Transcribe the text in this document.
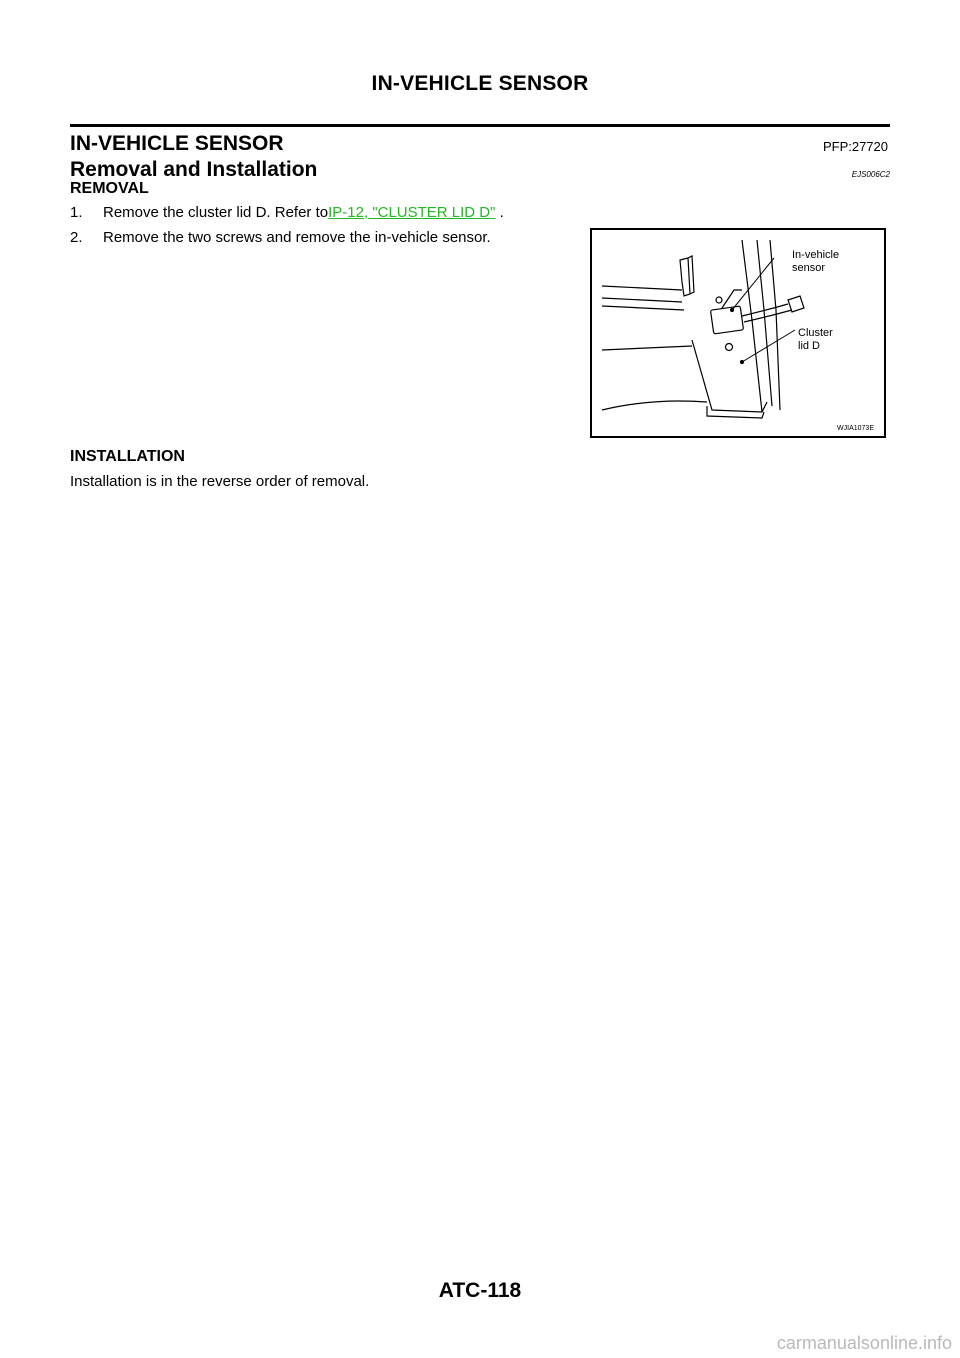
IN-VEHICLE SENSOR
IN-VEHICLE SENSOR	PFP:27720
Removal and Installation	EJS006C2
REMOVAL
1. Remove the cluster lid D. Refer toIP-12, "CLUSTER LID D" .
2. Remove the two screws and remove the in-vehicle sensor.
In-vehicle
sensor
Cluster
lid D
WJIA1073E
INSTALLATION
Installation is in the reverse order of removal.
ATC-118
carmanualsonline.info
